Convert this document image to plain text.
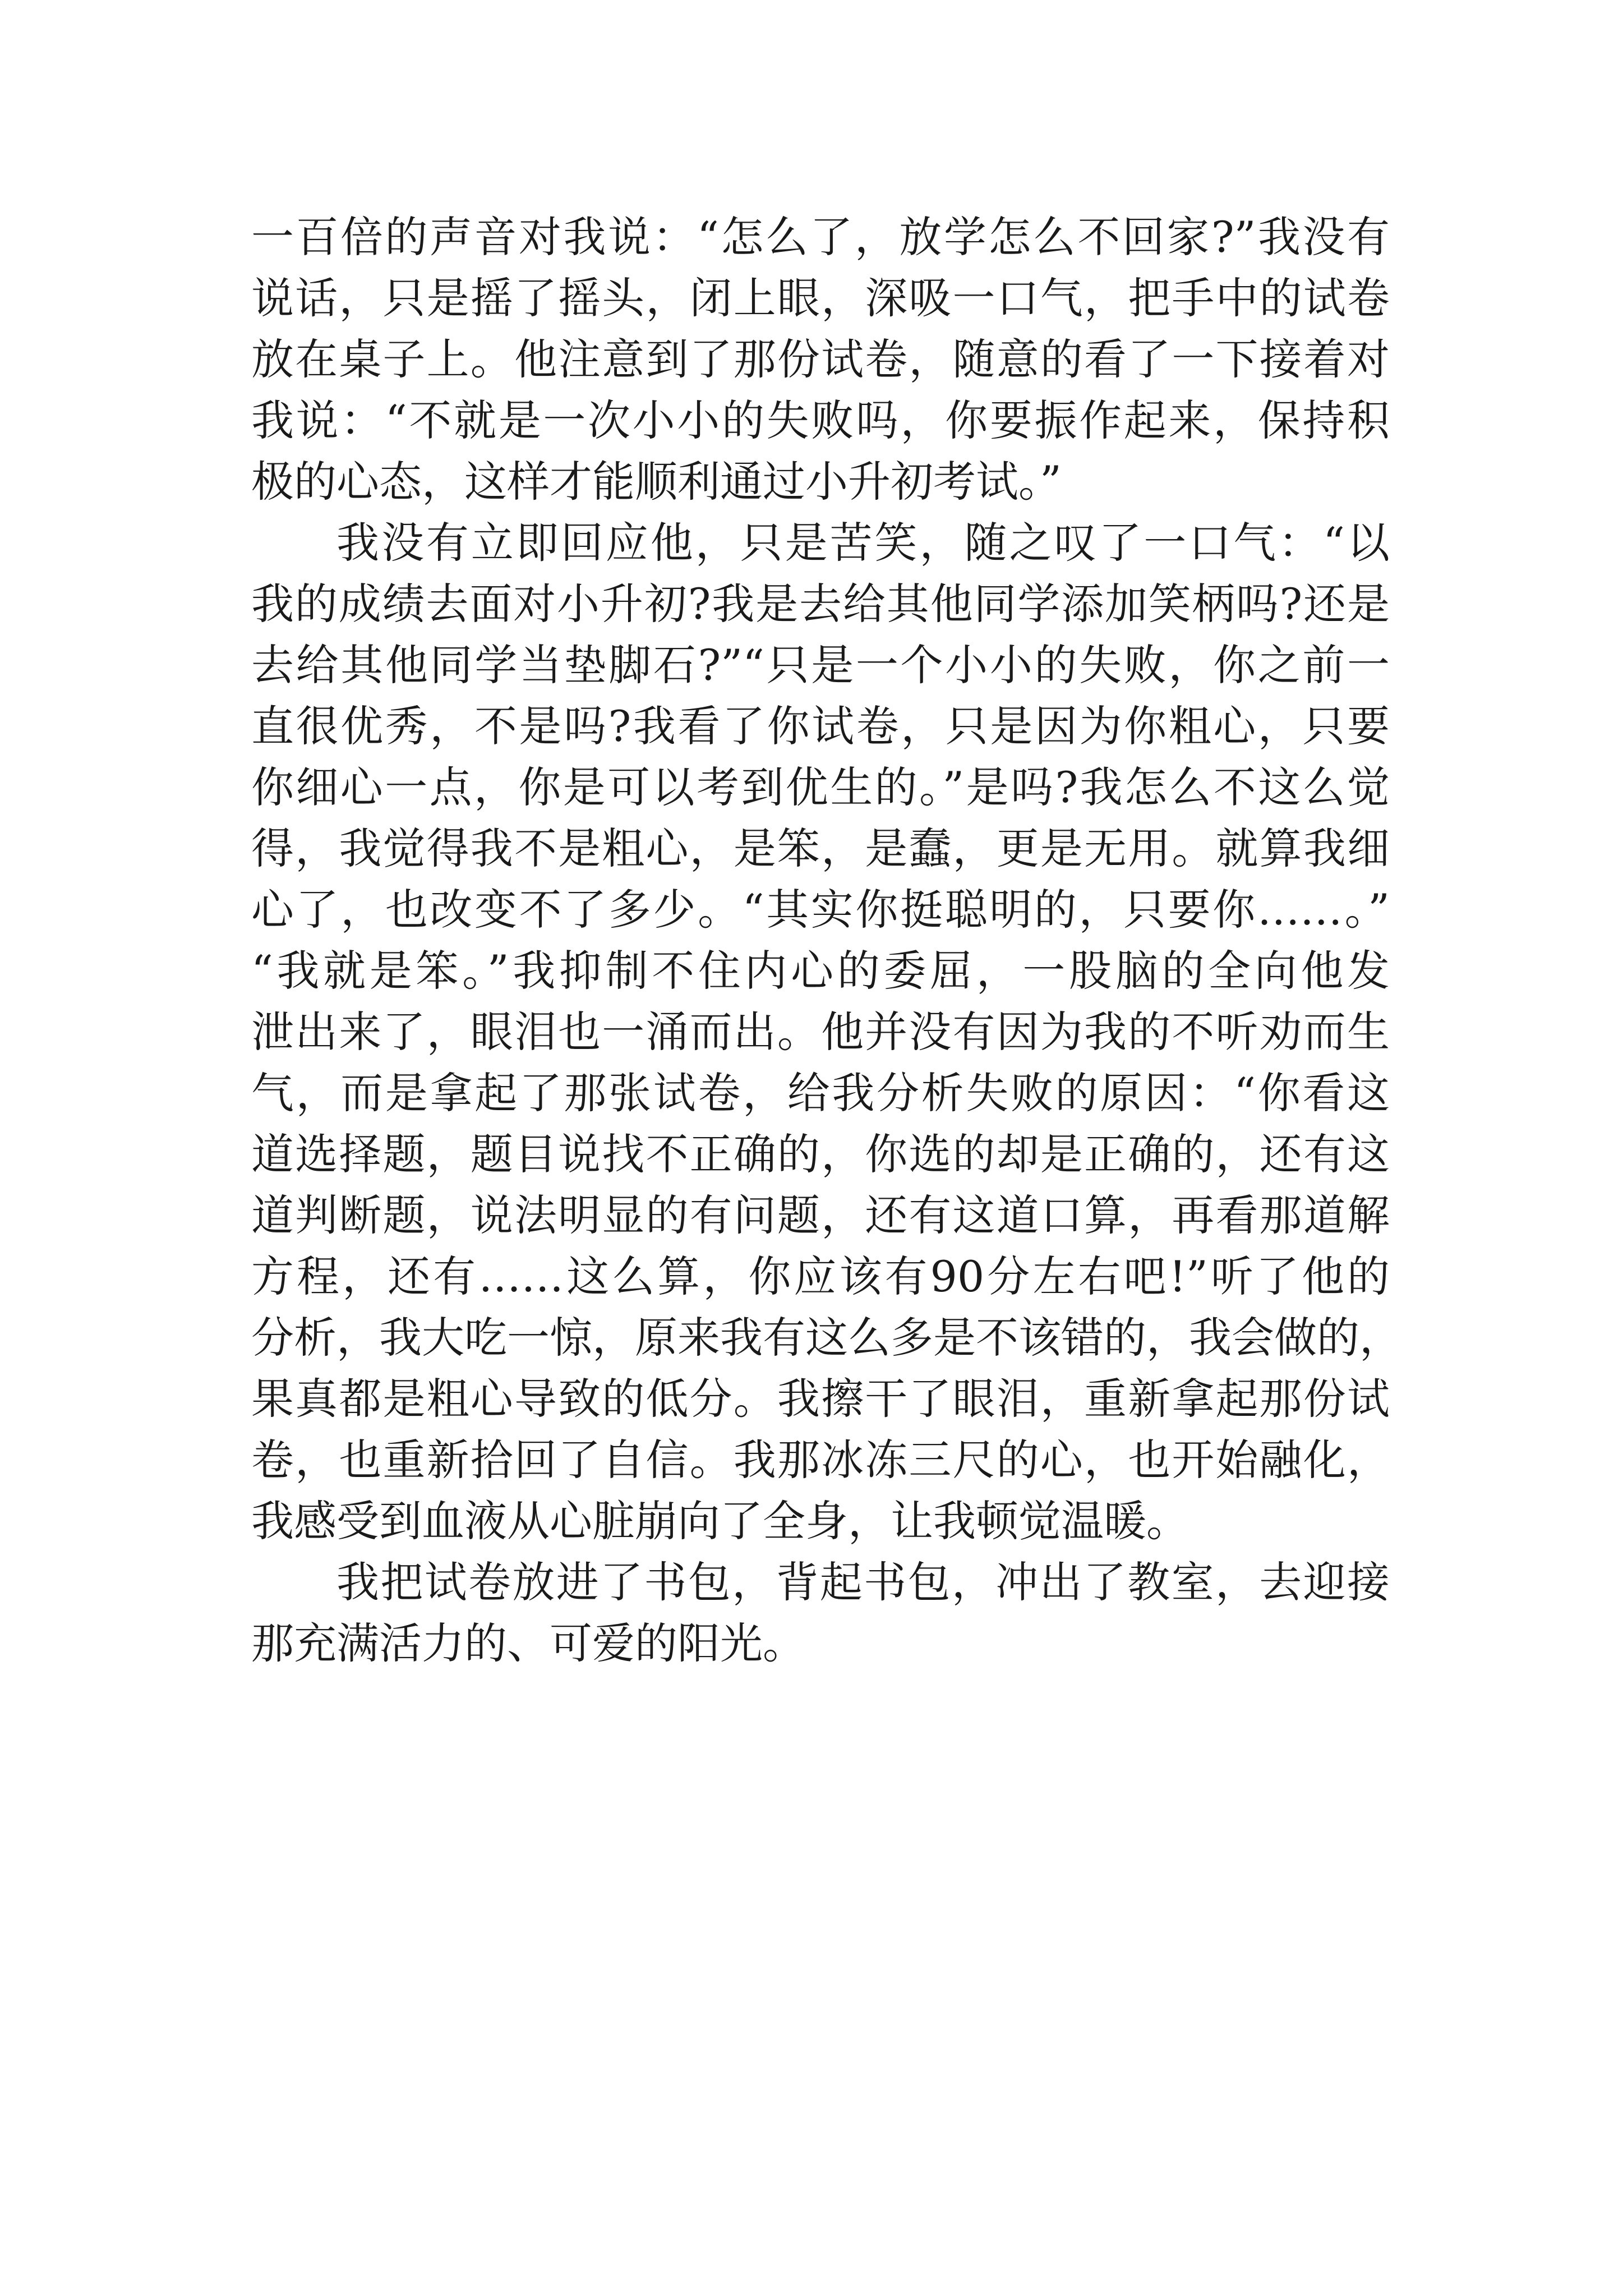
一百倍的声音对我说：“怎么了，放学怎么不回家?”我没有
说话，只是摇了摇头，闭上眼，深吸一口气，把手中的试卷
放在桌子上。他注意到了那份试卷，随意的看了一下接着对
我说：“不就是一次小小的失败吗，你要振作起来，保持积
极的心态，这样才能顺利通过小升初考试。”
我没有立即回应他，只是苦笑，随之叹了一口气：“以
我的成绩去面对小升初?我是去给其他同学添加笑柄吗?还是
去给其他同学当垫脚石?”“只是一个小小的失败，你之前一
直很优秀，不是吗?我看了你试卷，只是因为你粗心，只要
你细心一点，你是可以考到优生的。”是吗?我怎么不这么觉
得，我觉得我不是粗心，是笨，是蠢，更是无用。就算我细
心了，也改变不了多少。“其实你挺聪明的，只要你……。”
“我就是笨。”我抑制不住内心的委屈，一股脑的全向他发
泄出来了，眼泪也一涌而出。他并没有因为我的不听劝而生
气，而是拿起了那张试卷，给我分析失败的原因：“你看这
道选择题，题目说找不正确的，你选的却是正确的，还有这
道判断题，说法明显的有问题，还有这道口算，再看那道解
方程，还有……这么算，你应该有90分左右吧!”听了他的
分析，我大吃一惊，原来我有这么多是不该错的，我会做的，
果真都是粗心导致的低分。我擦干了眼泪，重新拿起那份试
卷，也重新拾回了自信。我那冰冻三尺的心，也开始融化，
我感受到血液从心脏崩向了全身，让我顿觉温暖。
我把试卷放进了书包，背起书包，冲出了教室，去迎接
那充满活力的、可爱的阳光。
